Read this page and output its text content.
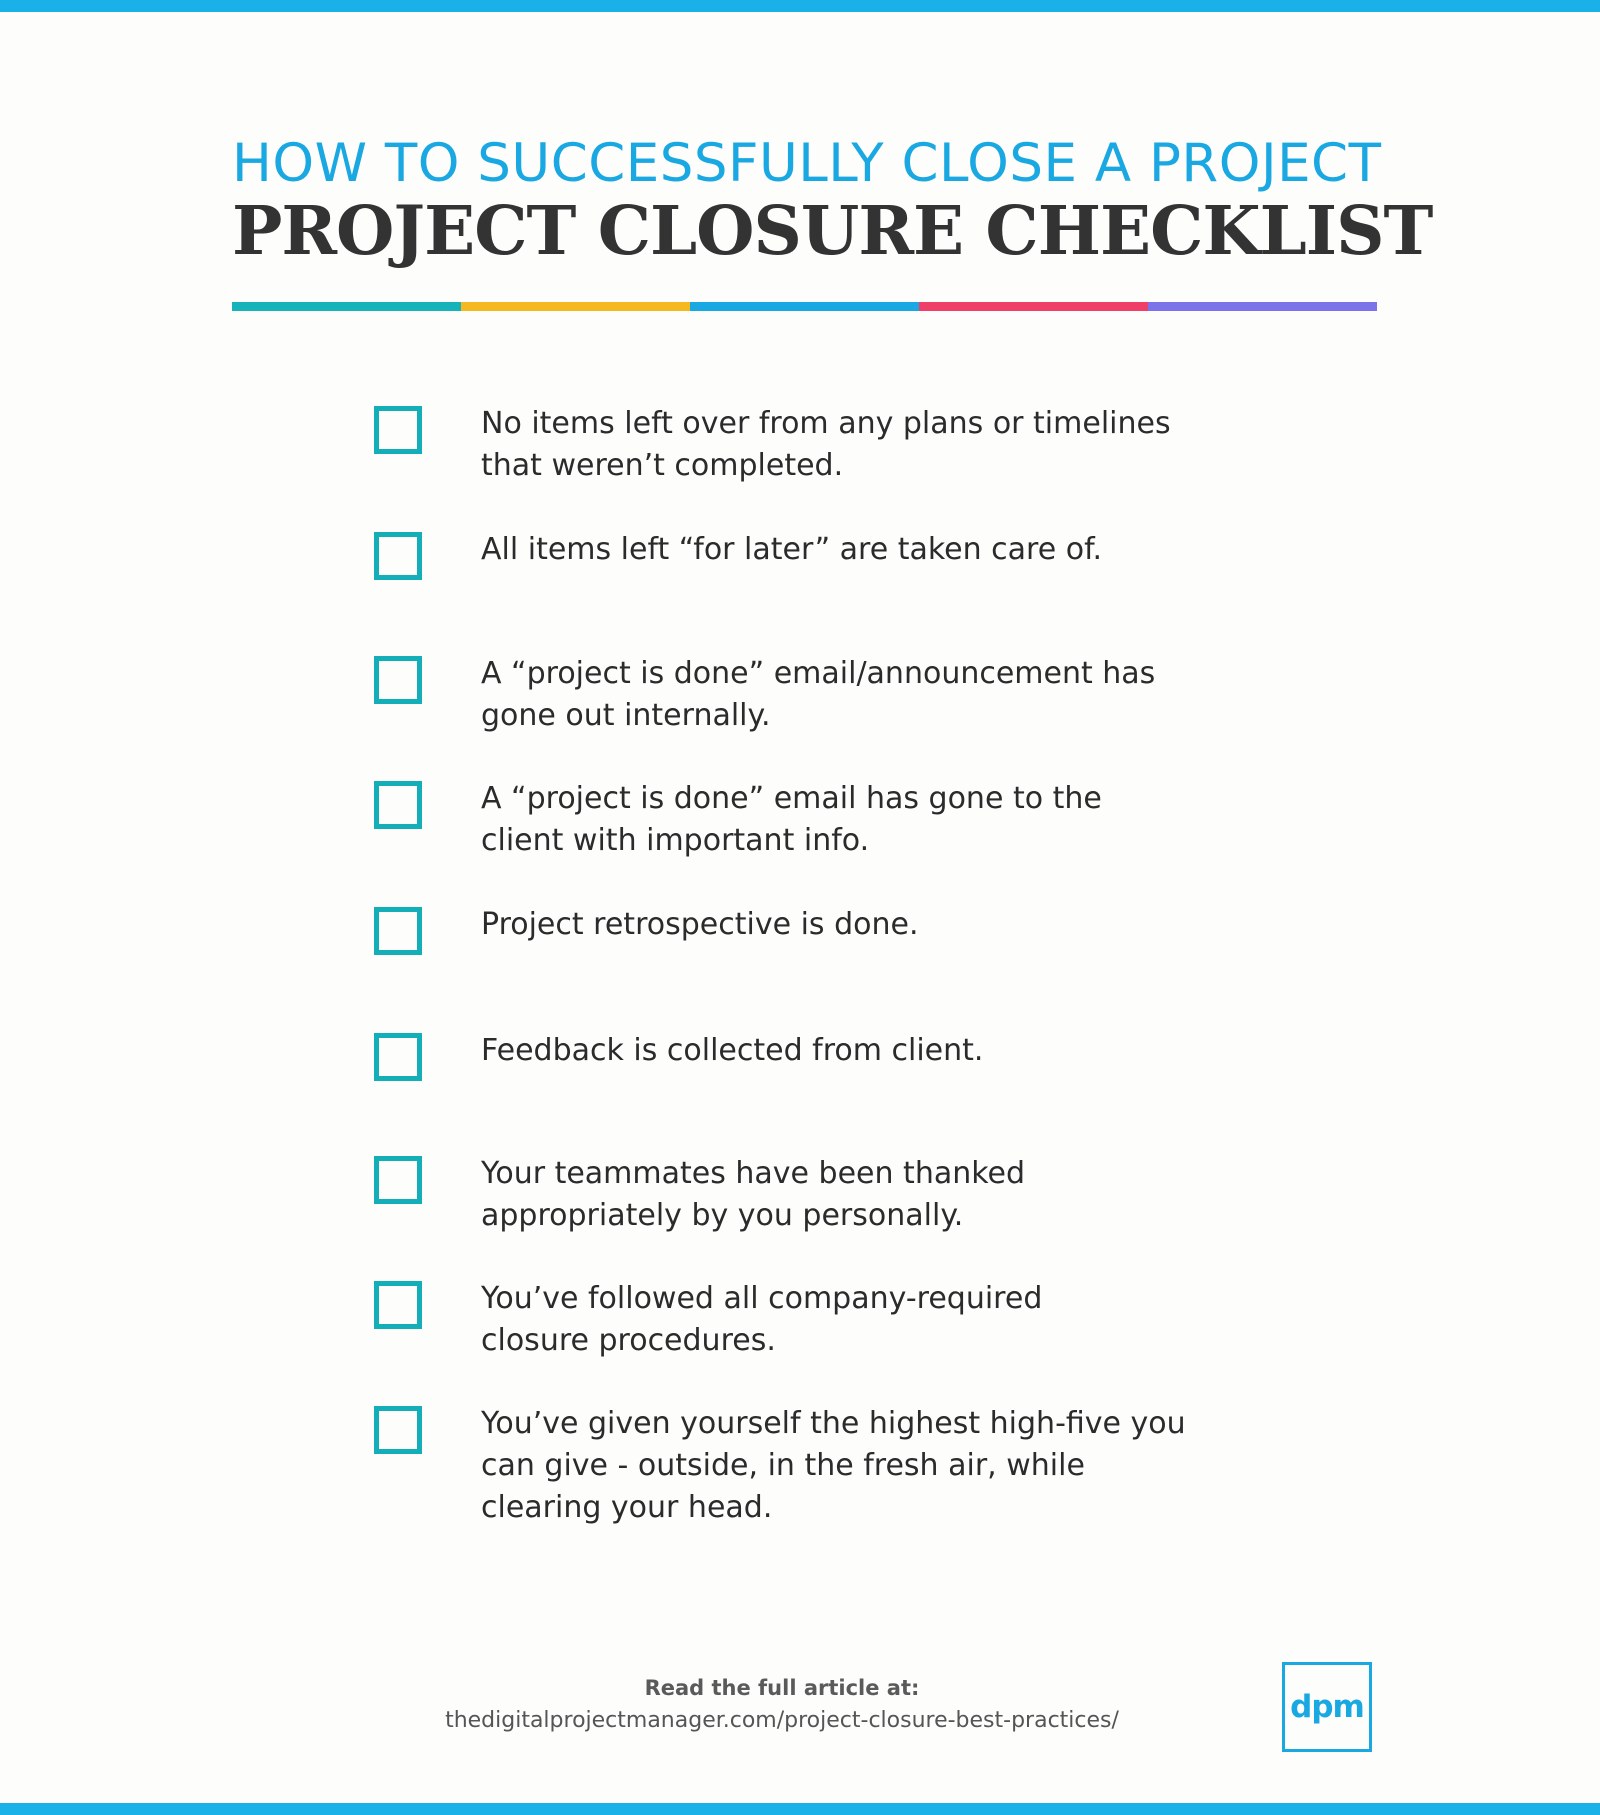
HOW TO SUCCESSFULLY CLOSE A PROJECT
PROJECT CLOSURE CHECKLIST
No items left over from any plans or timelines
that weren’t completed.
All items left “for later” are taken care of.
A “project is done” email/announcement has
gone out internally.
A “project is done” email has gone to the
client with important info.
Project retrospective is done.
Feedback is collected from client.
Your teammates have been thanked
appropriately by you personally.
You’ve followed all company-required
closure procedures.
You’ve given yourself the highest high-five you
can give - outside, in the fresh air, while
clearing your head.
Read the full article at:
thedigitalprojectmanager.com/project-closure-best-practices/	dpm
